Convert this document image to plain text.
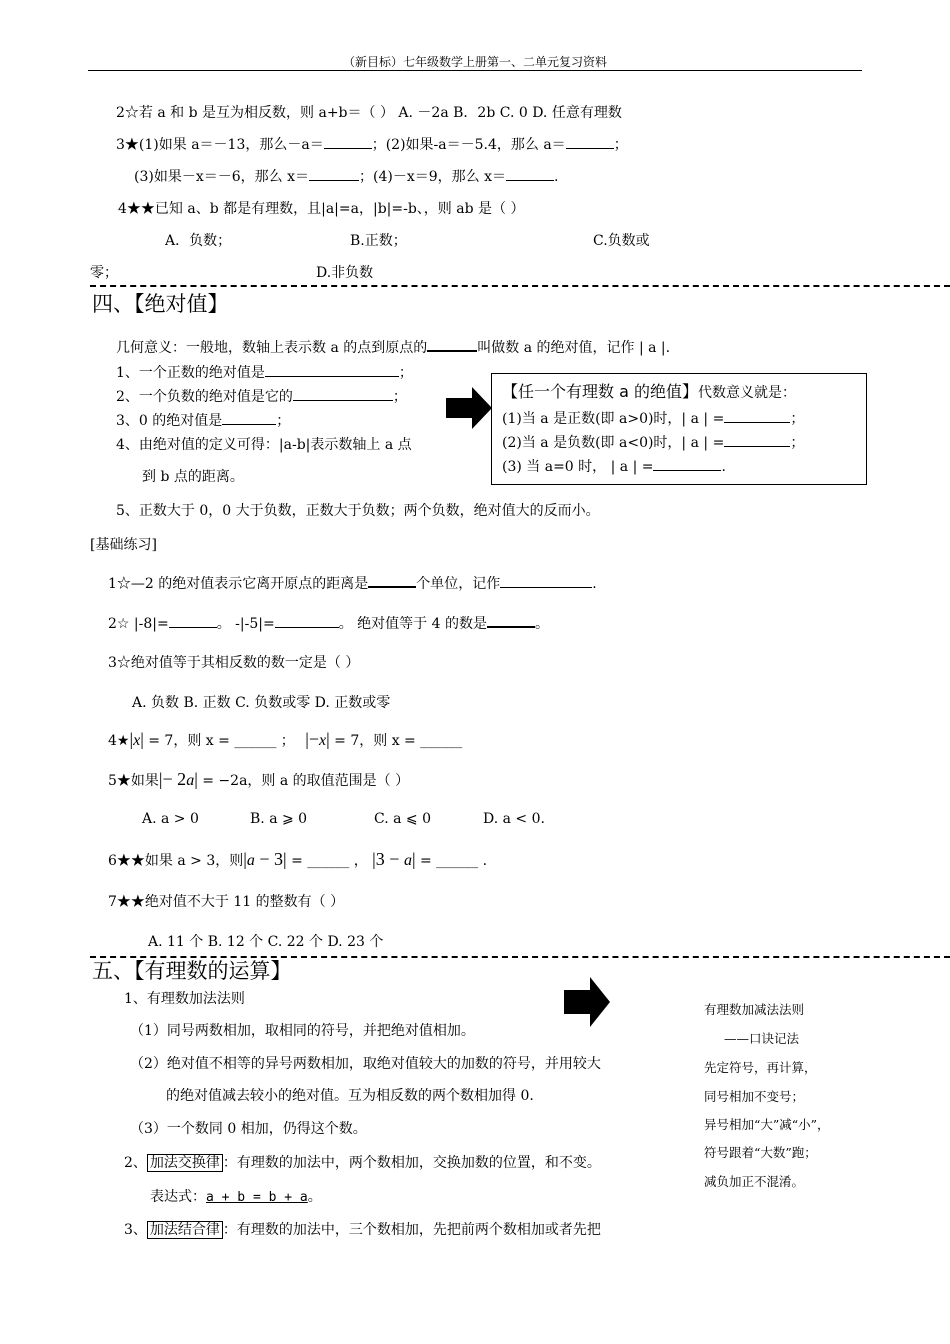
（新目标）七年级数学上册第一、二单元复习资料
2☆若 a 和 b 是互为相反数，则 a+b＝（ ） A. －2a B．2b C. 0 D. 任意有理数
3★(1)如果 a＝－13，那么－a＝	；(2)如果-a＝－5.4，那么 a＝	；
(3)如果－x＝－6，那么 x＝	；(4)－x＝9，那么 x＝	.
4★★已知 a、b 都是有理数，且|a|=a，|b|=-b、，则 ab 是（ ）
A．负数；	B.正数；	C.负数或
零；	D.非负数
四、【绝对值】
几何意义：一般地，数轴上表示数 a 的点到原点的	叫做数 a 的绝对值，记作 | a |.
1、一个正数的绝对值是	；
2、一个负数的绝对值是它的	；
3、0 的绝对值是	；
4、由绝对值的定义可得：|a-b|表示数轴上 a 点
到 b 点的距离。
【任一个有理数 a 的绝值】代数意义就是：
(1)当 a 是正数(即 a>0)时，| a | =	；
(2)当 a 是负数(即 a<0)时，| a | =	；
(3) 当 a=0 时， | a | =	.
5、正数大于 0，0 大于负数，正数大于负数；两个负数，绝对值大的反而小。
[基础练习]
1☆—2 的绝对值表示它离开原点的距离是	个单位，记作	.
2☆ |-8|=	。 -|-5|=	。 绝对值等于 4 的数是	。
3☆绝对值等于其相反数的数一定是（ ）
A. 负数 B. 正数 C. 负数或零 D. 正数或零
4★|x| = 7，则 x = ______ ； |−x| = 7，则 x = ______
5★如果|− 2a| = −2a，则 a 的取值范围是（ ）
A. a > 0	B. a ⩾ 0	C. a ⩽ 0	D. a < 0.
6★★如果 a > 3，则|a − 3| = ______ ， |3 − a| = ______ .
7★★绝对值不大于 11 的整数有（ ）
A. 11 个 B. 12 个 C. 22 个 D. 23 个
五、【有理数的运算】
1、有理数加法法则
（1）同号两数相加，取相同的符号，并把绝对值相加。
（2）绝对值不相等的异号两数相加，取绝对值较大的加数的符号，并用较大
的绝对值减去较小的绝对值。互为相反数的两个数相加得 0.
（3）一个数同 0 相加，仍得这个数。
2、 加法交换律 ：有理数的加法中，两个数相加，交换加数的位置，和不变。
表达式：a + b = b + a。
3、 加法结合律 ：有理数的加法中，三个数相加，先把前两个数相加或者先把
有理数加减法法则
——口诀记法
先定符号，再计算，
同号相加不变号；
异号相加“大”减“小”，
符号跟着“大数”跑；
减负加正不混淆。
